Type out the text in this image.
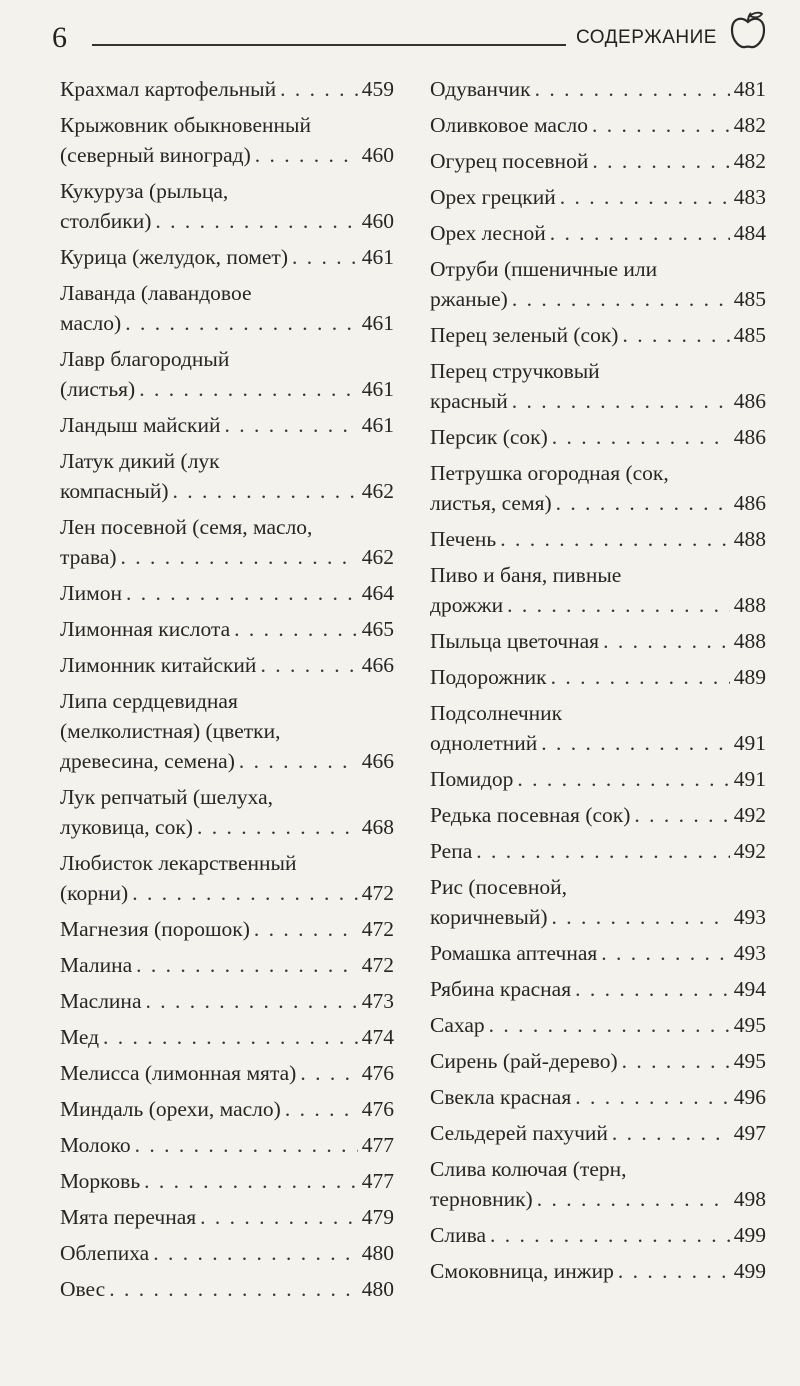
6	СОДЕРЖАНИЕ
Крахмал картофельный . . .	459
Крыжовник обыкновенный
(северный виноград) . . .	460
Кукуруза (рыльца,
столбики) . . .	460
Курица (желудок, помет) . . .	461
Лаванда (лавандовое
масло) . . .	461
Лавр благородный
(листья) . . .	461
Ландыш майский . . .	461
Латук дикий (лук
компасный) . . .	462
Лен посевной (семя, масло,
трава) . . .	462
Лимон . . .	464
Лимонная кислота . . .	465
Лимонник китайский . . .	466
Липа сердцевидная
(мелколистная) (цветки,
древесина, семена) . . .	466
Лук репчатый (шелуха,
луковица, сок) . . .	468
Любисток лекарственный
(корни) . . .	472
Магнезия (порошок) . . .	472
Малина . . .	472
Маслина . . .	473
Мед . . .	474
Мелисса (лимонная мята) . . .	476
Миндаль (орехи, масло) . . .	476
Молоко . . .	477
Морковь . . .	477
Мята перечная . . .	479
Облепиха . . .	480
Овес . . .	480
Одуванчик . . .	481
Оливковое масло . . .	482
Огурец посевной . . .	482
Орех грецкий . . .	483
Орех лесной . . .	484
Отруби (пшеничные или
ржаные) . . .	485
Перец зеленый (сок) . . .	485
Перец стручковый
красный . . .	486
Персик (сок) . . .	486
Петрушка огородная (сок,
листья, семя) . . .	486
Печень . . .	488
Пиво и баня, пивные
дрожжи . . .	488
Пыльца цветочная . . .	488
Подорожник . . .	489
Подсолнечник
однолетний . . .	491
Помидор . . .	491
Редька посевная (сок) . . .	492
Репа . . .	492
Рис (посевной,
коричневый) . . .	493
Ромашка аптечная . . .	493
Рябина красная . . .	494
Сахар . . .	495
Сирень (рай-дерево) . . .	495
Свекла красная . . .	496
Сельдерей пахучий . . .	497
Слива колючая (терн,
терновник) . . .	498
Слива . . .	499
Смоковница, инжир . . .	499
